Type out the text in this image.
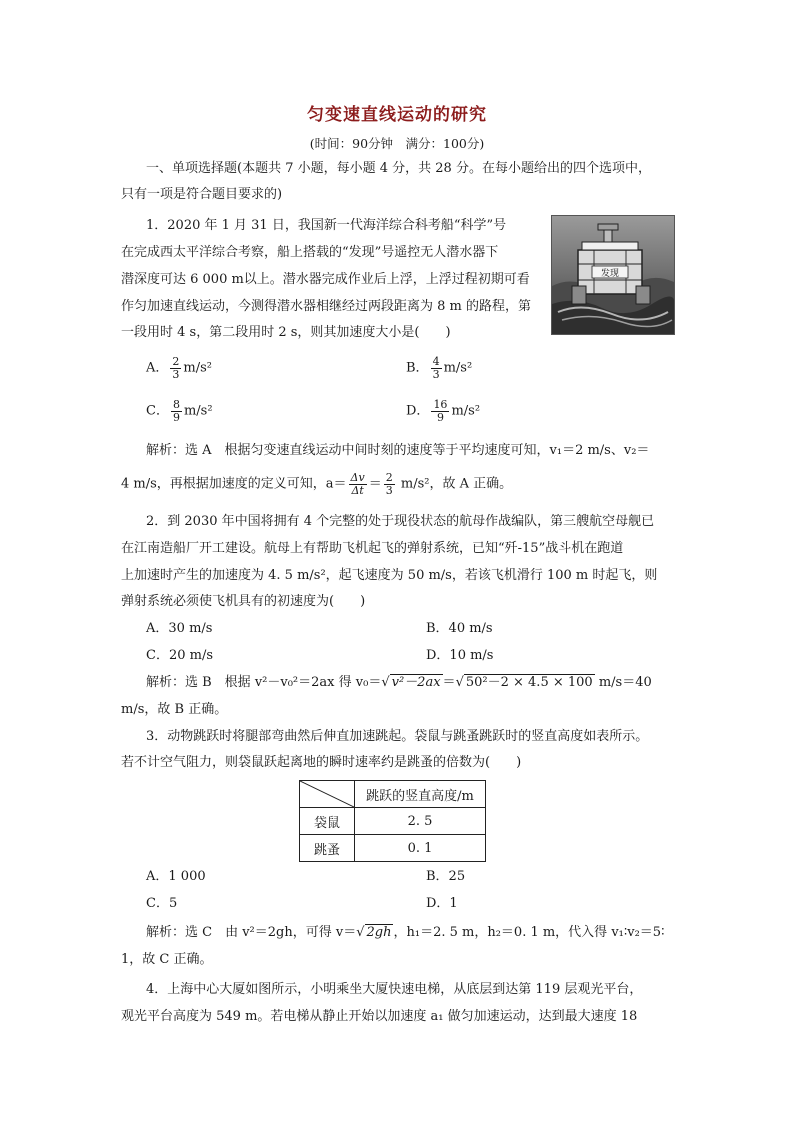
匀变速直线运动的研究
(时间：90分钟　满分：100分)
一、单项选择题(本题共 7 小题，每小题 4 分，共 28 分。在每小题给出的四个选项中，
只有一项是符合题目要求的)
1．2020 年 1 月 31 日，我国新一代海洋综合科考船“科学”号
在完成西太平洋综合考察，船上搭载的“发现”号遥控无人潜水器下
潜深度可达 6 000 m以上。潜水器完成作业后上浮，上浮过程初期可看
作匀加速直线运动，今测得潜水器相继经过两段距离为 8 m 的路程，第
一段用时 4 s，第二段用时 2 s，则其加速度大小是(　　)
发现
A． $\frac{2}{3} m/s^2$	B． $\frac{4}{3} m/s^2$
C． $\frac{8}{9} m/s^2$	D． $\frac{16}{9} m/s^2$
解析：选 A　根据匀变速直线运动中间时刻的速度等于平均速度可知，v₁＝2 m/s、v₂＝
4 m/s，再根据加速度的定义可知，$a= \frac{\Delta v}{\Delta t} = \frac{2}{3} m/s^2$，故 A 正确。
2．到 2030 年中国将拥有 4 个完整的处于现役状态的航母作战编队，第三艘航空母舰已
在江南造船厂开工建设。航母上有帮助飞机起飞的弹射系统，已知“歼-15”战斗机在跑道
上加速时产生的加速度为 4. 5 m/s²，起飞速度为 50 m/s，若该飞机滑行 100 m 时起飞，则
弹射系统必须使飞机具有的初速度为(　　)
A．30 m/s	B．40 m/s
C．20 m/s	D．10 m/s
解析：选 B　根据 v²－v₀²＝2ax 得 v₀＝√ v²－2ax ＝√ 50²－2 × 4.5 × 100 m/s＝40
m/s，故 B 正确。
3．动物跳跃时将腿部弯曲然后伸直加速跳起。袋鼠与跳蚤跳跃时的竖直高度如表所示。
若不计空气阻力，则袋鼠跃起离地的瞬时速率约是跳蚤的倍数为(　　)
	跳跃的竖直高度/m
袋鼠	2. 5
跳蚤	0. 1
A．1 000	B．25
C．5	D．1
解析：选 C　由 v²＝2gh，可得 v＝√ 2gh ，h₁＝2. 5 m，h₂＝0. 1 m，代入得 v₁∶v₂＝5∶
1，故 C 正确。
4．上海中心大厦如图所示，小明乘坐大厦快速电梯，从底层到达第 119 层观光平台，
观光平台高度为 549 m。若电梯从静止开始以加速度 a₁ 做匀加速运动，达到最大速度 18
